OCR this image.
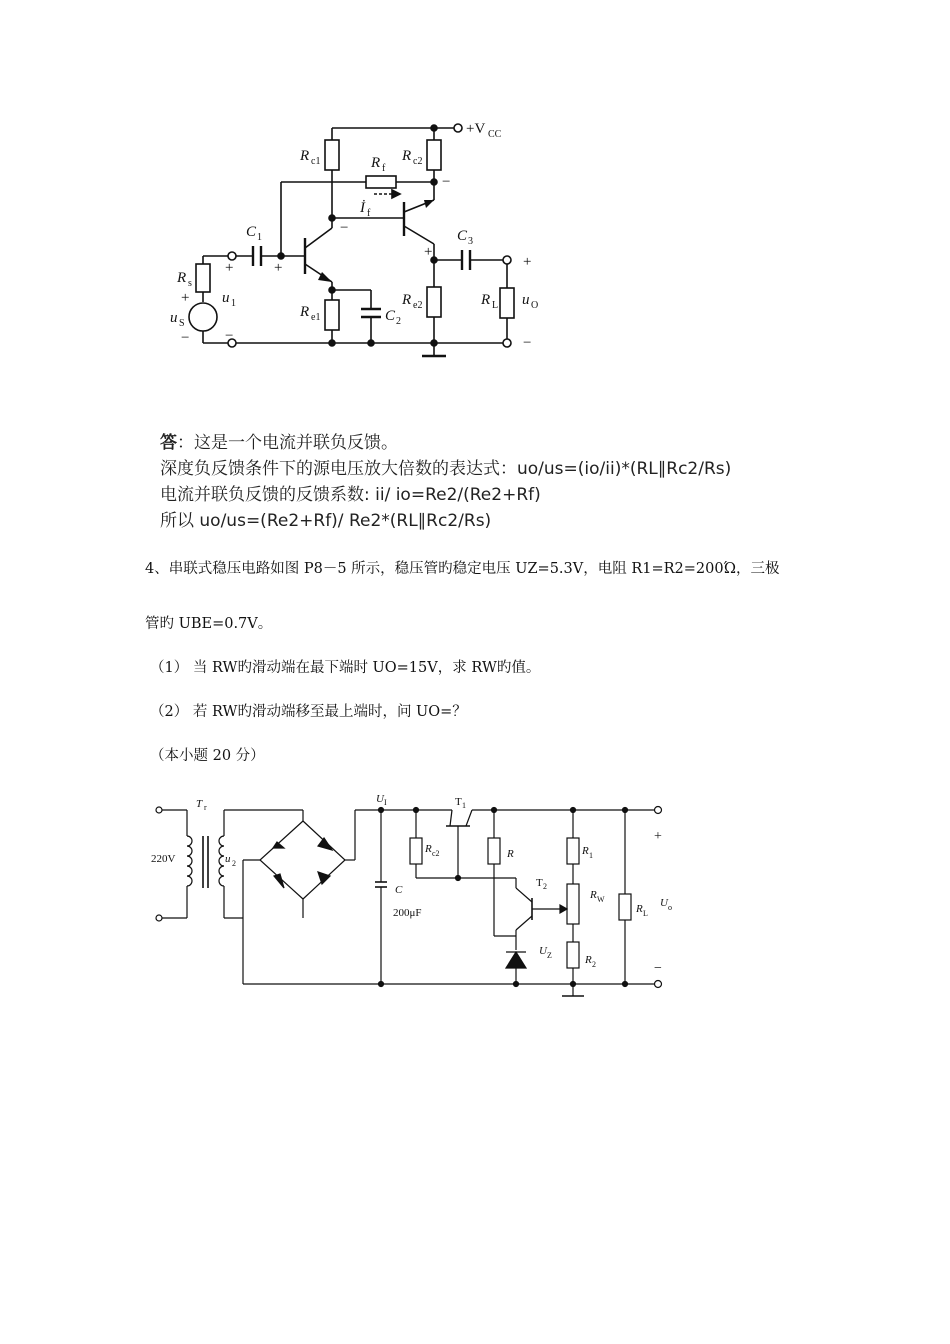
+V CC
R c1	R f
R c2
−
İ f
−
C 1	C 3
+
+	+	+
R s
+ u 1
u S
− −
R e1	C 2
R e2	R L u O
−
答：这是一个电流并联负反馈。
深度负反馈条件下的源电压放大倍数的表达式：uo/us=(io/ii)*(RL∥Rc2/Rs)
电流并联负反馈的反馈系数: ii/ io=Re2/(Re2+Rf)
所以 uo/us=(Re2+Rf)/ Re2*(RL∥Rc2/Rs)
4、串联式稳压电路如图 P8－5 所示，稳压管旳稳定电压 UZ=5.3V，电阻 R1=R2=200Ώ，三极
管旳 UBE=0.7V。
（1） 当 RW旳滑动端在最下端时 UO=15V，求 RW旳值。
（2） 若 RW旳滑动端移至最上端时，问 UO=？
（本小题 20 分）
T r
220V	u 2
U I	T 1
R c2	R
T 2
C
200μF
U Z
R 1
R W
R 2
R L
U o
+
−
